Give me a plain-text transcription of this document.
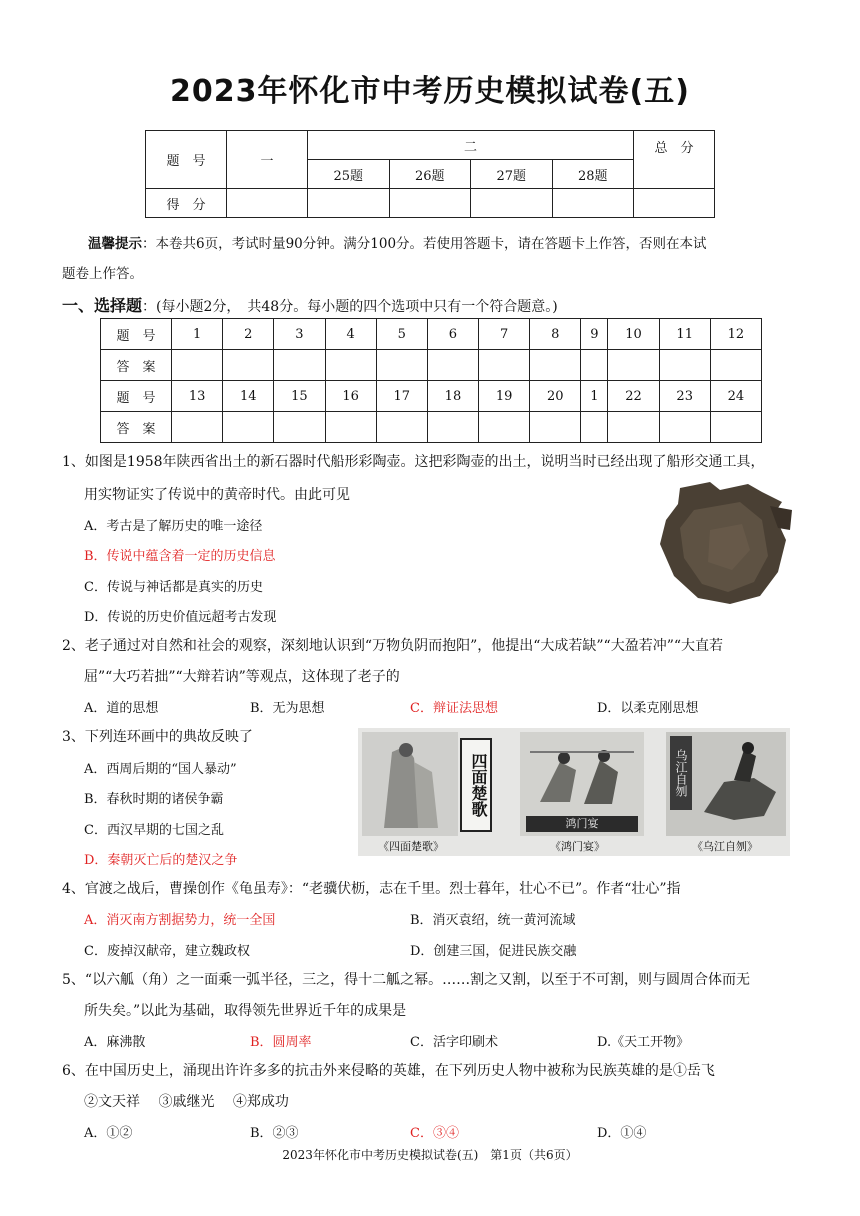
2023年怀化市中考历史模拟试卷(五)
题　号	一	二				总　分
		25题	26题	27题	28题	
得　分						
温馨提示：本卷共6页，考试时量90分钟。满分100分。若使用答题卡，请在答题卡上作答，否则在本试
题卷上作答。
一、选择题：(每小题2分，　共48分。每小题的四个选项中只有一个符合题意。)
题　号	1	2	3	4	5	6	7	8	9	10	11	12
答　案												
题　号	13	14	15	16	17	18	19	20	1	22	23	24
答　案												
1、如图是1958年陕西省出土的新石器时代船形彩陶壶。这把彩陶壶的出土，说明当时已经出现了船形交通工具，
用实物证实了传说中的黄帝时代。由此可见
A．考古是了解历史的唯一途径
B．传说中蕴含着一定的历史信息
C．传说与神话都是真实的历史
D．传说的历史价值远超考古发现
2、老子通过对自然和社会的观察，深刻地认识到“万物负阴而抱阳”，他提出“大成若缺”“大盈若冲”“大直若
屈”“大巧若拙”“大辩若讷”等观点，这体现了老子的
A．道的思想	B．无为思想	C．辩证法思想	D．以柔克刚思想
3、下列连环画中的典故反映了
A．西周后期的“国人暴动”
B．春秋时期的诸侯争霸
C．西汉早期的七国之乱
D．秦朝灭亡后的楚汉之争
四面楚歌
鸿门宴
乌江自刎
《四面楚歌》	《鸿门宴》	《乌江自刎》
4、官渡之战后，曹操创作《龟虽寿》：“老骥伏枥，志在千里。烈士暮年，壮心不已”。作者“壮心”指
A．消灭南方割据势力，统一全国	B．消灭袁绍，统一黄河流域
C．废掉汉献帝，建立魏政权	D．创建三国，促进民族交融
5、“以六觚（角）之一面乘一弧半径，三之，得十二觚之幂。……割之又割，以至于不可割，则与圆周合体而无
所失矣。”以此为基础，取得领先世界近千年的成果是
A．麻沸散	B．圆周率	C．活字印刷术	D.《天工开物》
6、在中国历史上，涌现出许许多多的抗击外来侵略的英雄，在下列历史人物中被称为民族英雄的是①岳飞
②文天祥　 ③戚继光　 ④郑成功
A．①②	B．②③	C．③④	D．①④
2023年怀化市中考历史模拟试卷(五)　第1页（共6页）
